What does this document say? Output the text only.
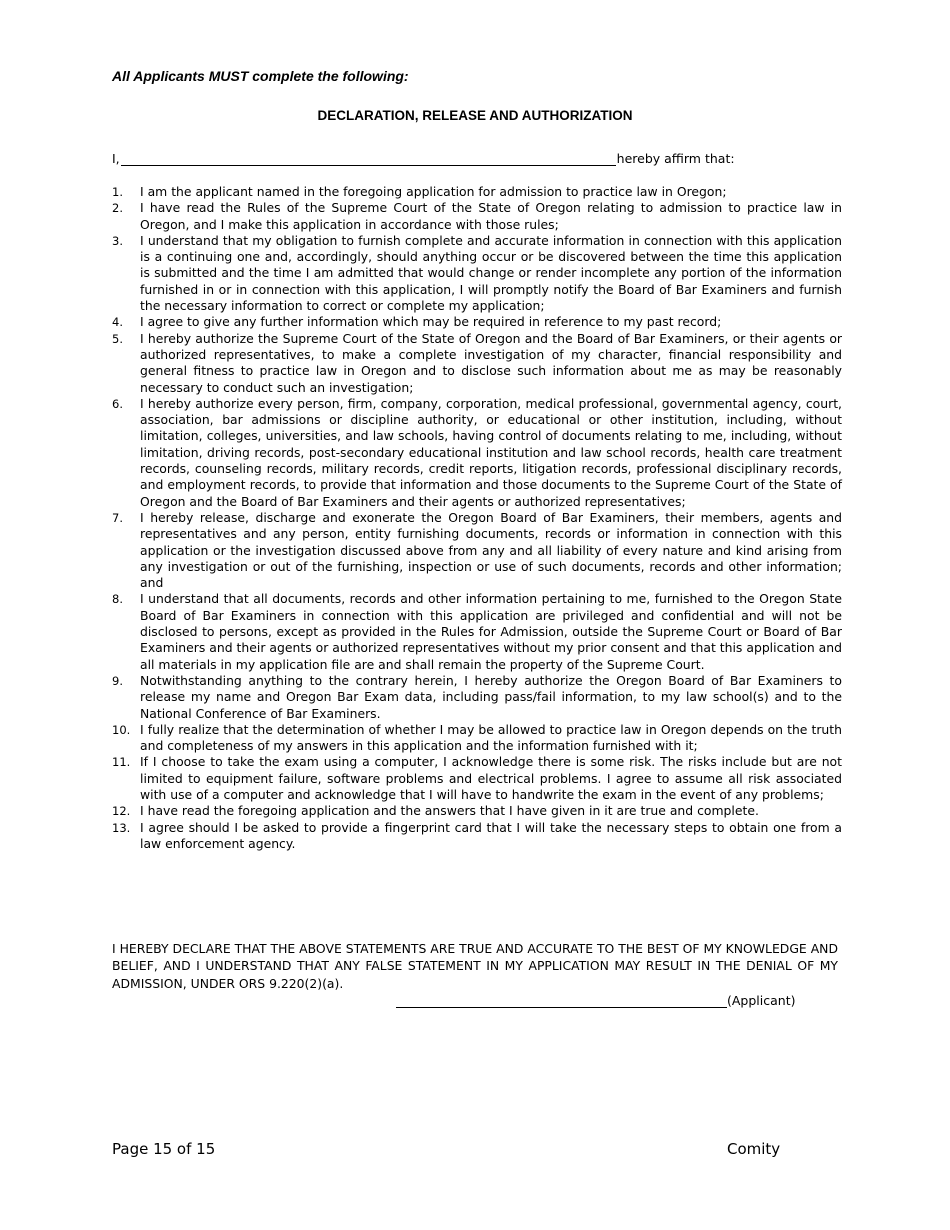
All Applicants MUST complete the following:
DECLARATION, RELEASE AND AUTHORIZATION
I,	hereby affirm that:
1. I am the applicant named in the foregoing application for admission to practice law in Oregon;
2. I have read the Rules of the Supreme Court of the State of Oregon relating to admission to practice law in Oregon, and I make this application in accordance with those rules;
3. I understand that my obligation to furnish complete and accurate information in connection with this application is a continuing one and, accordingly, should anything occur or be discovered between the time this application is submitted and the time I am admitted that would change or render incomplete any portion of the information furnished in or in connection with this application, I will promptly notify the Board of Bar Examiners and furnish the necessary information to correct or complete my application;
4. I agree to give any further information which may be required in reference to my past record;
5. I hereby authorize the Supreme Court of the State of Oregon and the Board of Bar Examiners, or their agents or authorized representatives, to make a complete investigation of my character, financial responsibility and general fitness to practice law in Oregon and to disclose such information about me as may be reasonably necessary to conduct such an investigation;
6. I hereby authorize every person, firm, company, corporation, medical professional, governmental agency, court, association, bar admissions or discipline authority, or educational or other institution, including, without limitation, colleges, universities, and law schools, having control of documents relating to me, including, without limitation, driving records, post-secondary educational institution and law school records, health care treatment records, counseling records, military records, credit reports, litigation records, professional disciplinary records, and employment records, to provide that information and those documents to the Supreme Court of the State of Oregon and the Board of Bar Examiners and their agents or authorized representatives;
7. I hereby release, discharge and exonerate the Oregon Board of Bar Examiners, their members, agents and representatives and any person, entity furnishing documents, records or information in connection with this application or the investigation discussed above from any and all liability of every nature and kind arising from any investigation or out of the furnishing, inspection or use of such documents, records and other information; and
8. I understand that all documents, records and other information pertaining to me, furnished to the Oregon State Board of Bar Examiners in connection with this application are privileged and confidential and will not be disclosed to persons, except as provided in the Rules for Admission, outside the Supreme Court or Board of Bar Examiners and their agents or authorized representatives without my prior consent and that this application and all materials in my application file are and shall remain the property of the Supreme Court.
9. Notwithstanding anything to the contrary herein, I hereby authorize the Oregon Board of Bar Examiners to release my name and Oregon Bar Exam data, including pass/fail information, to my law school(s) and to the National Conference of Bar Examiners.
10. I fully realize that the determination of whether I may be allowed to practice law in Oregon depends on the truth and completeness of my answers in this application and the information furnished with it;
11. If I choose to take the exam using a computer, I acknowledge there is some risk. The risks include but are not limited to equipment failure, software problems and electrical problems. I agree to assume all risk associated with use of a computer and acknowledge that I will have to handwrite the exam in the event of any problems;
12. I have read the foregoing application and the answers that I have given in it are true and complete.
13. I agree should I be asked to provide a fingerprint card that I will take the necessary steps to obtain one from a law enforcement agency.
I HEREBY DECLARE THAT THE ABOVE STATEMENTS ARE TRUE AND ACCURATE TO THE BEST OF MY KNOWLEDGE AND BELIEF, AND I UNDERSTAND THAT ANY FALSE STATEMENT IN MY APPLICATION MAY RESULT IN THE DENIAL OF MY ADMISSION, UNDER ORS 9.220(2)(a).
(Applicant)
Page 15 of 15	Comity
